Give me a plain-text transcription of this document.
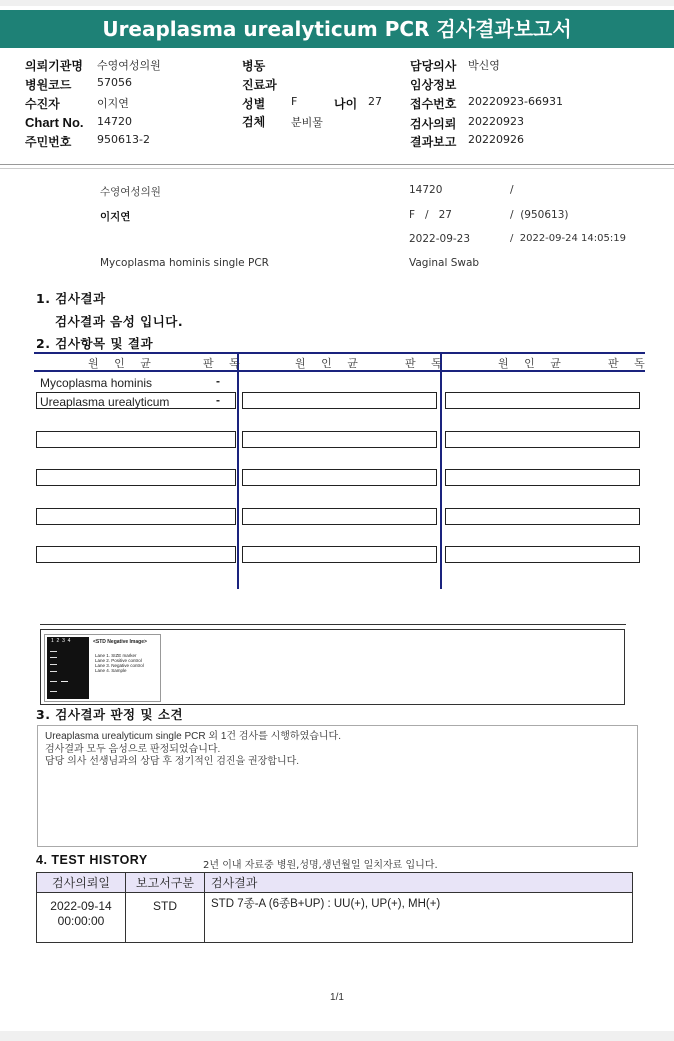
Ureaplasma urealyticum PCR 검사결과보고서
의뢰기관명 수영여성의원
병원코드 57056
수진자	이지연
Chart No. 14720
주민번호 950613-2
병동
진료과
성별 F	나이 27
검체 분비물
담당의사 박신영
임상정보
접수번호 20220923-66931
검사의뢰 20220923
결과보고 20220926
수영여성의원	14720	/
이지연	F   /   27	/  (950613)
2022-09-23	/  2022-09-24 14:05:19
Mycoplasma hominis single PCR	Vaginal Swab
1. 검사결과
검사결과 음성 입니다.
2. 검사항목 및 결과
원 인 균	판 독	원 인 균	판 독	원 인 균	판 독
Mycoplasma hominis	-
Ureaplasma urealyticum	-
1  2  3  4	<STD Negative Image>
Lane 1. SIZE marker
Lane 2. Positive control
Lane 3. Negative control
Lane 4. Sample
3. 검사결과 판정 및 소견
Ureaplasma urealyticum single PCR 외 1건 검사를 시행하였습니다.
검사결과 모두 음성으로 판정되었습니다.
담당 의사 선생님과의 상담 후 정기적인 검진을 권장합니다.
4. TEST HISTORY	2년 이내 자료중 병원,성명,생년월일 일치자료 입니다.
검사의뢰일	보고서구분	검사결과

2022-09-14
00:00:00	STD	STD 7종-A (6종B+UP) : UU(+), UP(+), MH(+)
1/1
